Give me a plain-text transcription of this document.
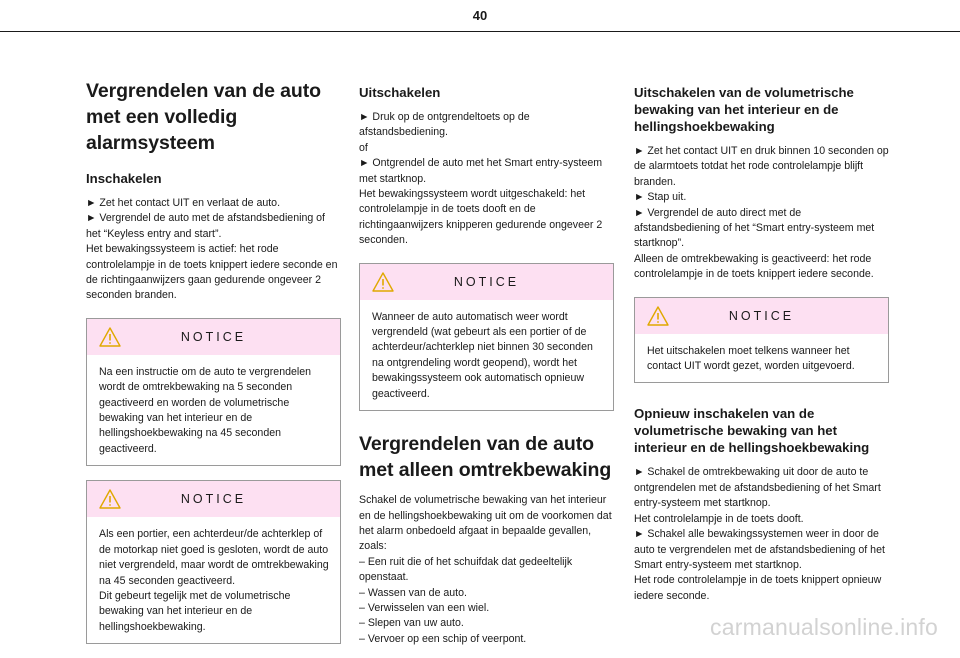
40
Vergrendelen van de auto met een volledig alarmsysteem
Inschakelen
► Zet het contact UIT en verlaat de auto.
► Vergrendel de auto met de afstandsbediening of het “Keyless entry and start”.
Het bewakingssysteem is actief: het rode controlelampje in de toets knippert iedere seconde en de richtingaanwijzers gaan gedurende ongeveer 2 seconden branden.
NOTICE
Na een instructie om de auto te vergrendelen wordt de omtrekbewaking na 5 seconden geactiveerd en worden de volumetrische bewaking van het interieur en de hellingshoekbewaking na 45 seconden geactiveerd.
NOTICE
Als een portier, een achterdeur/de achterklep of de motorkap niet goed is gesloten, wordt de auto niet vergrendeld, maar wordt de omtrekbewaking na 45 seconden geactiveerd.
Dit gebeurt tegelijk met de volumetrische bewaking van het interieur en de hellingshoekbewaking.
Uitschakelen
► Druk op de ontgrendeltoets op de afstandsbediening.
of
► Ontgrendel de auto met het Smart entry-systeem met startknop.
Het bewakingssysteem wordt uitgeschakeld: het controlelampje in de toets dooft en de richtingaanwijzers knipperen gedurende ongeveer 2 seconden.
NOTICE
Wanneer de auto automatisch weer wordt vergrendeld (wat gebeurt als een portier of de achterdeur/achterklep niet binnen 30 seconden na ontgrendeling wordt geopend), wordt het bewakingssysteem ook automatisch opnieuw geactiveerd.
Vergrendelen van de auto met alleen omtrekbewaking
Schakel de volumetrische bewaking van het interieur en de hellingshoekbewaking uit om de voorkomen dat het alarm onbedoeld afgaat in bepaalde gevallen, zoals:
– Een ruit die of het schuifdak dat gedeeltelijk openstaat.
– Wassen van de auto.
– Verwisselen van een wiel.
– Slepen van uw auto.
– Vervoer op een schip of veerpont.
Uitschakelen van de volumetrische bewaking van het interieur en de hellingshoekbewaking
► Zet het contact UIT en druk binnen 10 seconden op de alarmtoets totdat het rode controlelampje blijft branden.
► Stap uit.
► Vergrendel de auto direct met de afstandsbediening of het “Smart entry-systeem met startknop”.
Alleen de omtrekbewaking is geactiveerd: het rode controlelampje in de toets knippert iedere seconde.
NOTICE
Het uitschakelen moet telkens wanneer het contact UIT wordt gezet, worden uitgevoerd.
Opnieuw inschakelen van de volumetrische bewaking van het interieur en de hellingshoekbewaking
► Schakel de omtrekbewaking uit door de auto te ontgrendelen met de afstandsbediening of het Smart entry-systeem met startknop.
Het controlelampje in de toets dooft.
► Schakel alle bewakingssystemen weer in door de auto te vergrendelen met de afstandsbediening of het Smart entry-systeem met startknop.
Het rode controlelampje in de toets knippert opnieuw iedere seconde.
carmanualsonline.info
